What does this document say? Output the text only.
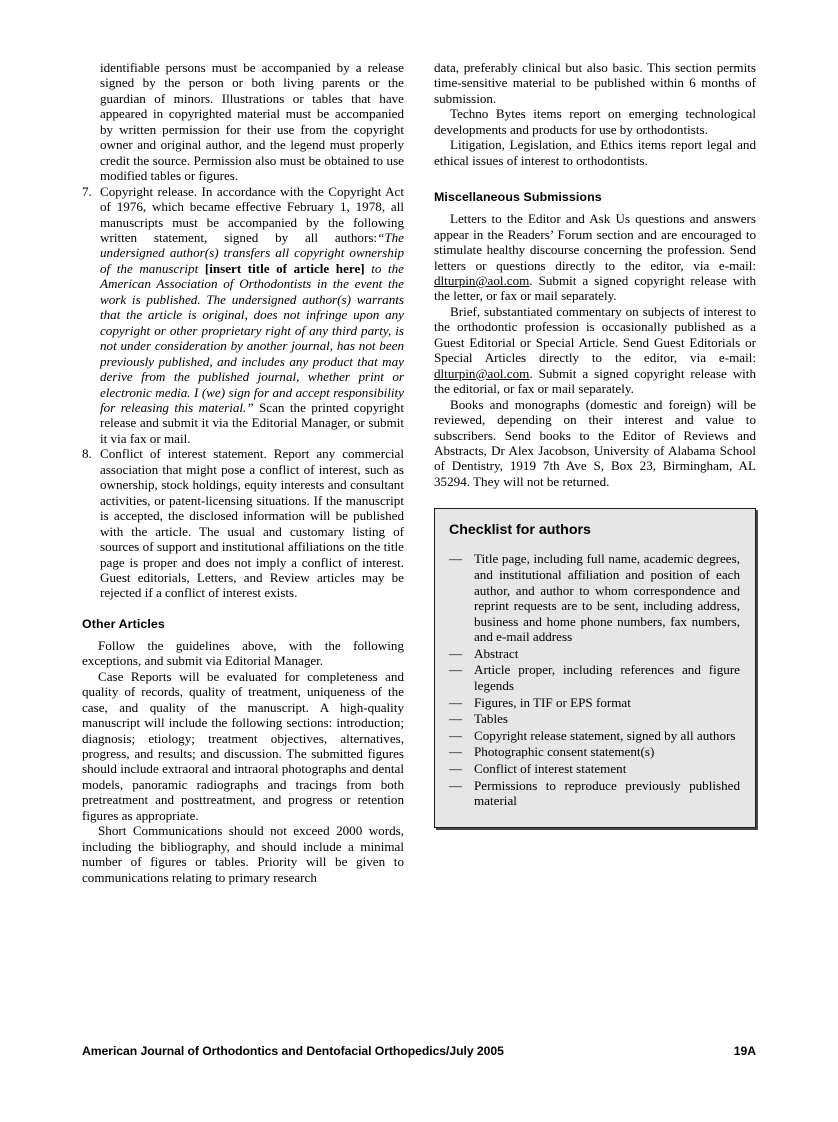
identifiable persons must be accompanied by a release signed by the person or both living parents or the guardian of minors. Illustrations or tables that have appeared in copyrighted material must be accompanied by written permission for their use from the copyright owner and original author, and the legend must properly credit the source. Permission also must be obtained to use modified tables or figures.

7. Copyright release. In accordance with the Copyright Act of 1976, which became effective February 1, 1978, all manuscripts must be accompanied by the following written statement, signed by all authors:“The undersigned author(s) transfers all copyright ownership of the manuscript [insert title of article here] to the American Association of Orthodontists in the event the work is published. The undersigned author(s) warrants that the article is original, does not infringe upon any copyright or other proprietary right of any third party, is not under consideration by another journal, has not been previously published, and includes any product that may derive from the published journal, whether print or electronic media. I (we) sign for and accept responsibility for releasing this material.” Scan the printed copyright release and submit it via the Editorial Manager, or submit it via fax or mail.

8. Conflict of interest statement. Report any commercial association that might pose a conflict of interest, such as ownership, stock holdings, equity interests and consultant activities, or patent-licensing situations. If the manuscript is accepted, the disclosed information will be published with the article. The usual and customary listing of sources of support and institutional affiliations on the title page is proper and does not imply a conflict of interest. Guest editorials, Letters, and Review articles may be rejected if a conflict of interest exists.

Other Articles

Follow the guidelines above, with the following exceptions, and submit via Editorial Manager.

Case Reports will be evaluated for completeness and quality of records, quality of treatment, uniqueness of the case, and quality of the manuscript. A high-quality manuscript will include the following sections: introduction; diagnosis; etiology; treatment objectives, alternatives, progress, and results; and discussion. The submitted figures should include extraoral and intraoral photographs and dental models, panoramic radiographs and tracings from both pretreatment and posttreatment, and progress or retention figures as appropriate.

Short Communications should not exceed 2000 words, including the bibliography, and should include a minimal number of figures or tables. Priority will be given to communications relating to primary research

data, preferably clinical but also basic. This section permits time-sensitive material to be published within 6 months of submission.

Techno Bytes items report on emerging technological developments and products for use by orthodontists.

Litigation, Legislation, and Ethics items report legal and ethical issues of interest to orthodontists.

Miscellaneous Submissions

Letters to the Editor and Ask Us questions and answers appear in the Readers’ Forum section and are encouraged to stimulate healthy discourse concerning the profession. Send letters or questions directly to the editor, via e-mail: dlturpin@aol.com. Submit a signed copyright release with the letter, or fax or mail separately.

Brief, substantiated commentary on subjects of interest to the orthodontic profession is occasionally published as a Guest Editorial or Special Article. Send Guest Editorials or Special Articles directly to the editor, via e-mail: dlturpin@aol.com. Submit a signed copyright release with the editorial, or fax or mail separately.

Books and monographs (domestic and foreign) will be reviewed, depending on their interest and value to subscribers. Send books to the Editor of Reviews and Abstracts, Dr Alex Jacobson, University of Alabama School of Dentistry, 1919 7th Ave S, Box 23, Birmingham, AL 35294. They will not be returned.

Checklist for authors
— Title page, including full name, academic degrees, and institutional affiliation and position of each author, and author to whom correspondence and reprint requests are to be sent, including address, business and home phone numbers, fax numbers, and e-mail address
— Abstract
— Article proper, including references and figure legends
— Figures, in TIF or EPS format
— Tables
— Copyright release statement, signed by all authors
— Photographic consent statement(s)
— Conflict of interest statement
— Permissions to reproduce previously published material
American Journal of Orthodontics and Dentofacial Orthopedics/July 2005	19A
